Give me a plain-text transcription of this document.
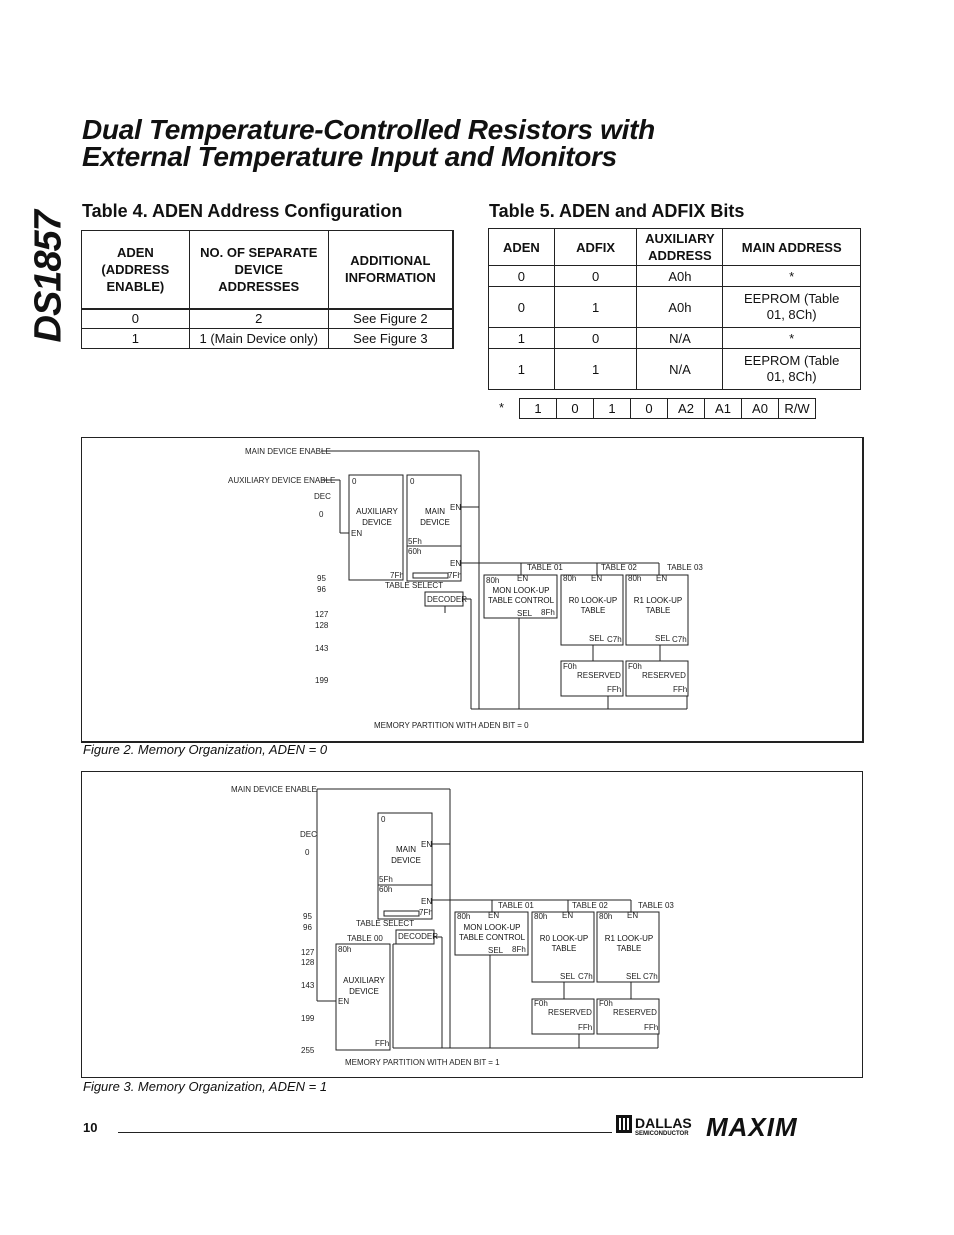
DS1857
Dual Temperature-Controlled Resistors with
External Temperature Input and Monitors
Table 4. ADEN Address Configuration	Table 5. ADEN and ADFIX Bits
ADEN (ADDRESS ENABLE)	NO. OF SEPARATE DEVICE ADDRESSES	ADDITIONAL INFORMATION
0	2	See Figure 2
1	1 (Main Device only)	See Figure 3
ADEN	ADFIX	AUXILIARY ADDRESS	MAIN ADDRESS
0	0	A0h	*
0	1	A0h	EEPROM (Table 01, 8Ch)
1	0	N/A	*
1	1	N/A	EEPROM (Table 01, 8Ch)
*	1	0	1	0	A2	A1	A0	R/W
MAIN DEVICE ENABLE
AUXILIARY DEVICE ENABLE
DEC
0
95
96
127
128
143
199
0	0
AUXILIARY DEVICE
MAIN DEVICE
EN
EN
EN
5Fh
60h
7Fh	7Fh
TABLE SELECT
DECODER
TABLE 01	TABLE 02	TABLE 03
80h EN	80h EN	80h EN
MON LOOK-UP TABLE CONTROL
SEL 8Fh
R0 LOOK-UP TABLE
R1 LOOK-UP TABLE
SEL C7h	SEL C7h
F0h	F0h
RESERVED	RESERVED
FFh	FFh
MEMORY PARTITION WITH ADEN BIT = 0
Figure 2. Memory Organization, ADEN = 0
MAIN DEVICE ENABLE
DEC
0
95
96
127
128
143
199
255
0
MAIN DEVICE
EN
EN
5Fh
60h
7Fh
TABLE SELECT
TABLE 00 DECODER
80h
AUXILIARY DEVICE
EN
FFh
TABLE 01	TABLE 02	TABLE 03
80h EN	80h EN	80h EN
MON LOOK-UP TABLE CONTROL
SEL 8Fh
R0 LOOK-UP TABLE
R1 LOOK-UP TABLE
SEL C7h	SEL C7h
F0h	F0h
RESERVED	RESERVED
FFh	FFh
MEMORY PARTITION WITH ADEN BIT = 1
Figure 3. Memory Organization, ADEN = 1
10	DALLAS
SEMICONDUCTOR MAXIM
